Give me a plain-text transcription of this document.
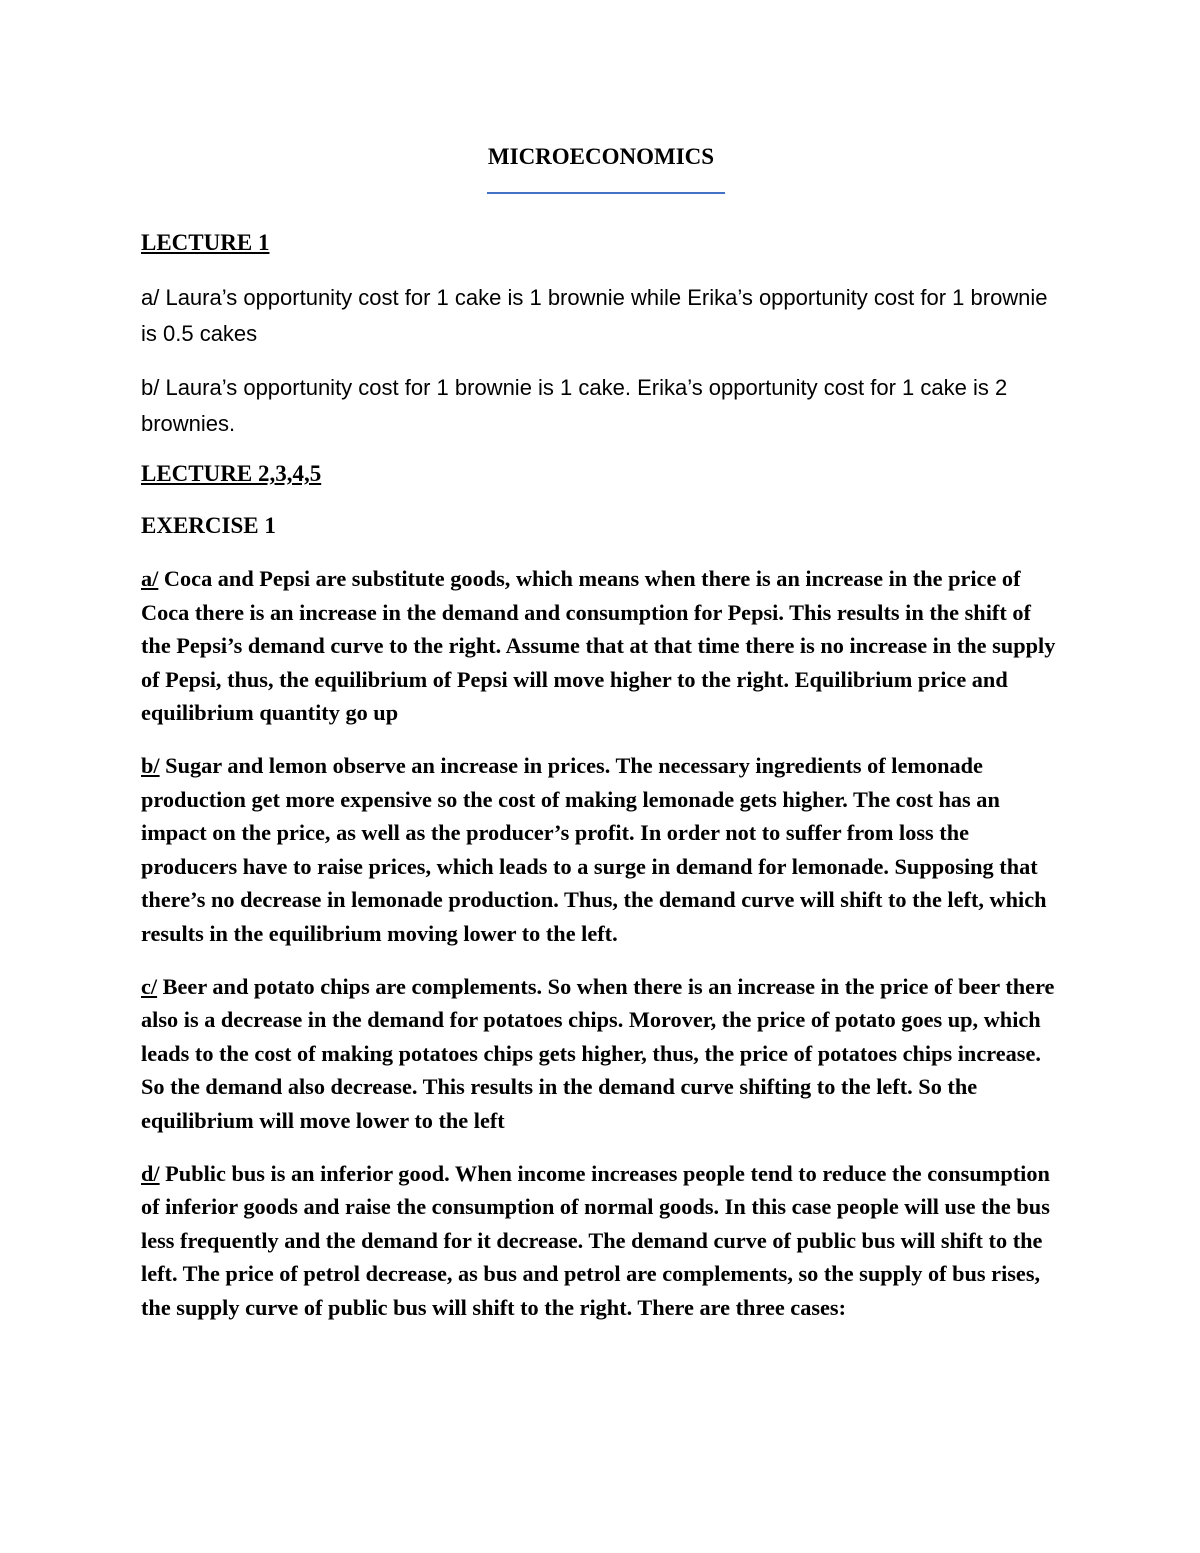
MICROECONOMICS
LECTURE 1

a/ Laura’s opportunity cost for 1 cake is 1 brownie while Erika’s opportunity cost for 1 brownie is 0.5 cakes

b/ Laura’s opportunity cost for 1 brownie is 1 cake. Erika’s opportunity cost for 1 cake is 2 brownies.

LECTURE 2,3,4,5
EXERCISE 1

a/ Coca and Pepsi are substitute goods, which means when there is an increase in the price of Coca there is an increase in the demand and consumption for Pepsi. This results in the shift of the Pepsi’s demand curve to the right. Assume that at that time there is no increase in the supply of Pepsi, thus, the equilibrium of Pepsi will move higher to the right. Equilibrium price and equilibrium quantity go up

b/ Sugar and lemon observe an increase in prices. The necessary ingredients of lemonade production get more expensive so the cost of making lemonade gets higher. The cost has an impact on the price, as well as the producer’s profit. In order not to suffer from loss the producers have to raise prices, which leads to a surge in demand for lemonade. Supposing that there’s no decrease in lemonade production. Thus, the demand curve will shift to the left, which results in the equilibrium moving lower to the left.

c/ Beer and potato chips are complements. So when there is an increase in the price of beer there also is a decrease in the demand for potatoes chips. Morover, the price of potato goes up, which leads to the cost of making potatoes chips gets higher, thus, the price of potatoes chips increase. So the demand also decrease. This results in the demand curve shifting to the left. So the equilibrium will move lower to the left

d/ Public bus is an inferior good. When income increases people tend to reduce the consumption of inferior goods and raise the consumption of normal goods. In this case people will use the bus less frequently and the demand for it decrease. The demand curve of public bus will shift to the left. The price of petrol decrease, as bus and petrol are complements, so the supply of bus rises, the supply curve of public bus will shift to the right. There are three cases:
